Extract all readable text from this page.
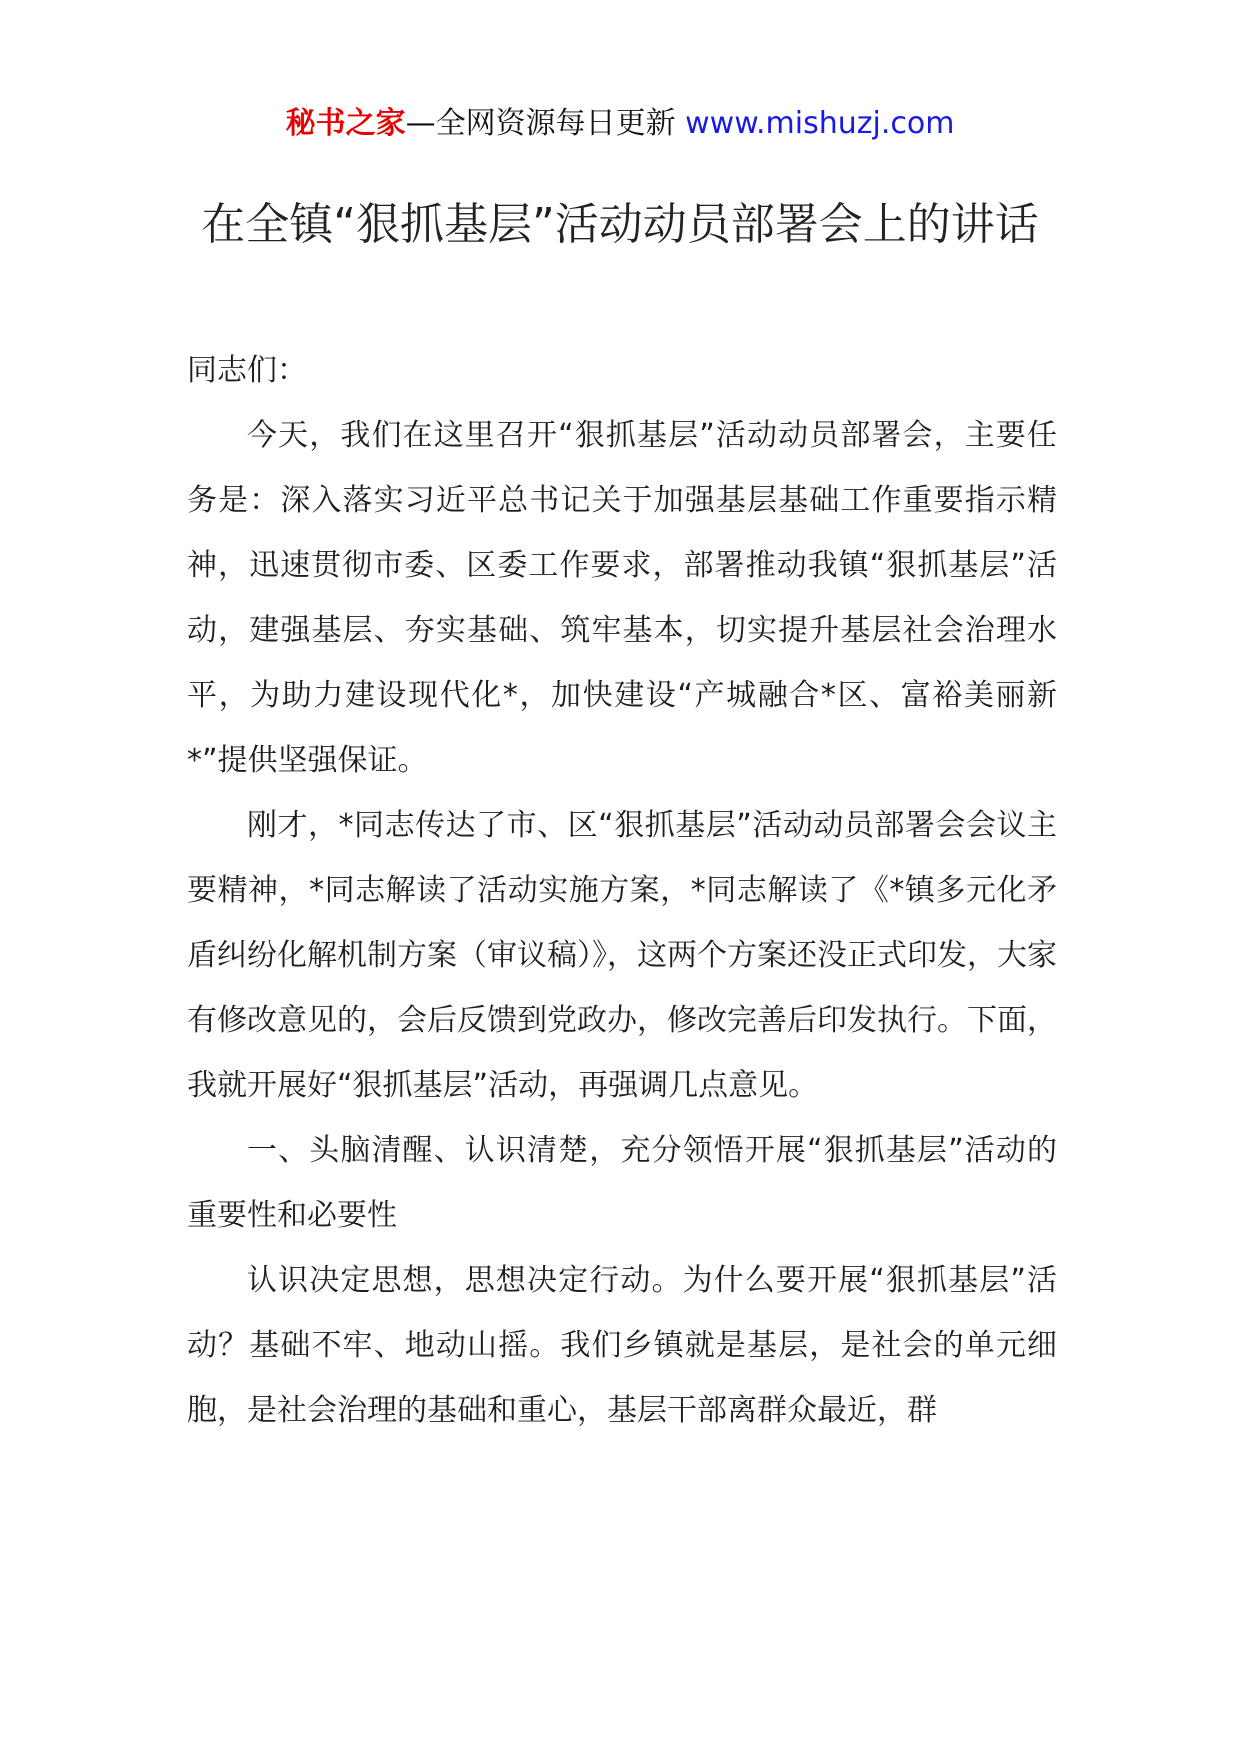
秘书之家—全网资源每日更新 www.mishuzj.com
在全镇“狠抓基层”活动动员部署会上的讲话

同志们：

今天，我们在这里召开“狠抓基层”活动动员部署会，主要任务是：深入落实习近平总书记关于加强基层基础工作重要指示精神，迅速贯彻市委、区委工作要求，部署推动我镇“狠抓基层”活动，建强基层、夯实基础、筑牢基本，切实提升基层社会治理水平，为助力建设现代化*，加快建设“产城融合*区、富裕美丽新*”提供坚强保证。

刚才，*同志传达了市、区“狠抓基层”活动动员部署会会议主要精神，*同志解读了活动实施方案，*同志解读了《*镇多元化矛盾纠纷化解机制方案（审议稿）》，这两个方案还没正式印发，大家有修改意见的，会后反馈到党政办，修改完善后印发执行。下面，我就开展好“狠抓基层”活动，再强调几点意见。

一、头脑清醒、认识清楚，充分领悟开展“狠抓基层”活动的重要性和必要性

认识决定思想，思想决定行动。为什么要开展“狠抓基层”活动？基础不牢、地动山摇。我们乡镇就是基层，是社会的单元细胞，是社会治理的基础和重心，基层干部离群众最近，群
